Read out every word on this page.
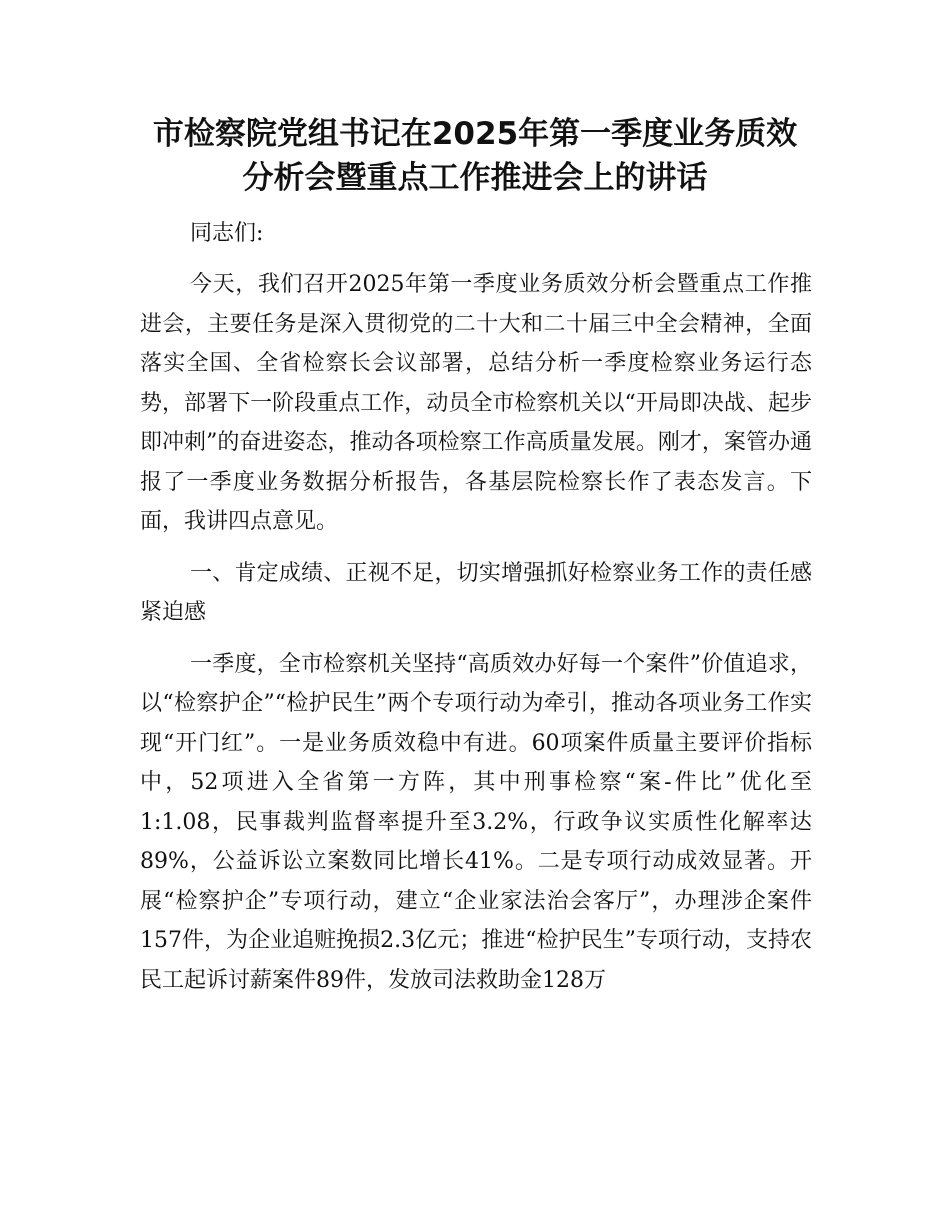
市检察院党组书记在2025年第一季度业务质效
分析会暨重点工作推进会上的讲话

同志们:

今天，我们召开2025年第一季度业务质效分析会暨重点工作推进会，主要任务是深入贯彻党的二十大和二十届三中全会精神，全面落实全国、全省检察长会议部署，总结分析一季度检察业务运行态势，部署下一阶段重点工作，动员全市检察机关以“开局即决战、起步即冲刺”的奋进姿态，推动各项检察工作高质量发展。刚才，案管办通报了一季度业务数据分析报告，各基层院检察长作了表态发言。下面，我讲四点意见。

一、肯定成绩、正视不足，切实增强抓好检察业务工作的责任感紧迫感

一季度，全市检察机关坚持“高质效办好每一个案件”价值追求，以“检察护企”“检护民生”两个专项行动为牵引，推动各项业务工作实现“开门红”。一是业务质效稳中有进。60项案件质量主要评价指标中，52项进入全省第一方阵，其中刑事检察“案-件比”优化至1:1.08，民事裁判监督率提升至3.2%，行政争议实质性化解率达89%，公益诉讼立案数同比增长41%。二是专项行动成效显著。开展“检察护企”专项行动，建立“企业家法治会客厅”，办理涉企案件157件，为企业追赃挽损2.3亿元；推进“检护民生”专项行动，支持农民工起诉讨薪案件89件，发放司法救助金128万
